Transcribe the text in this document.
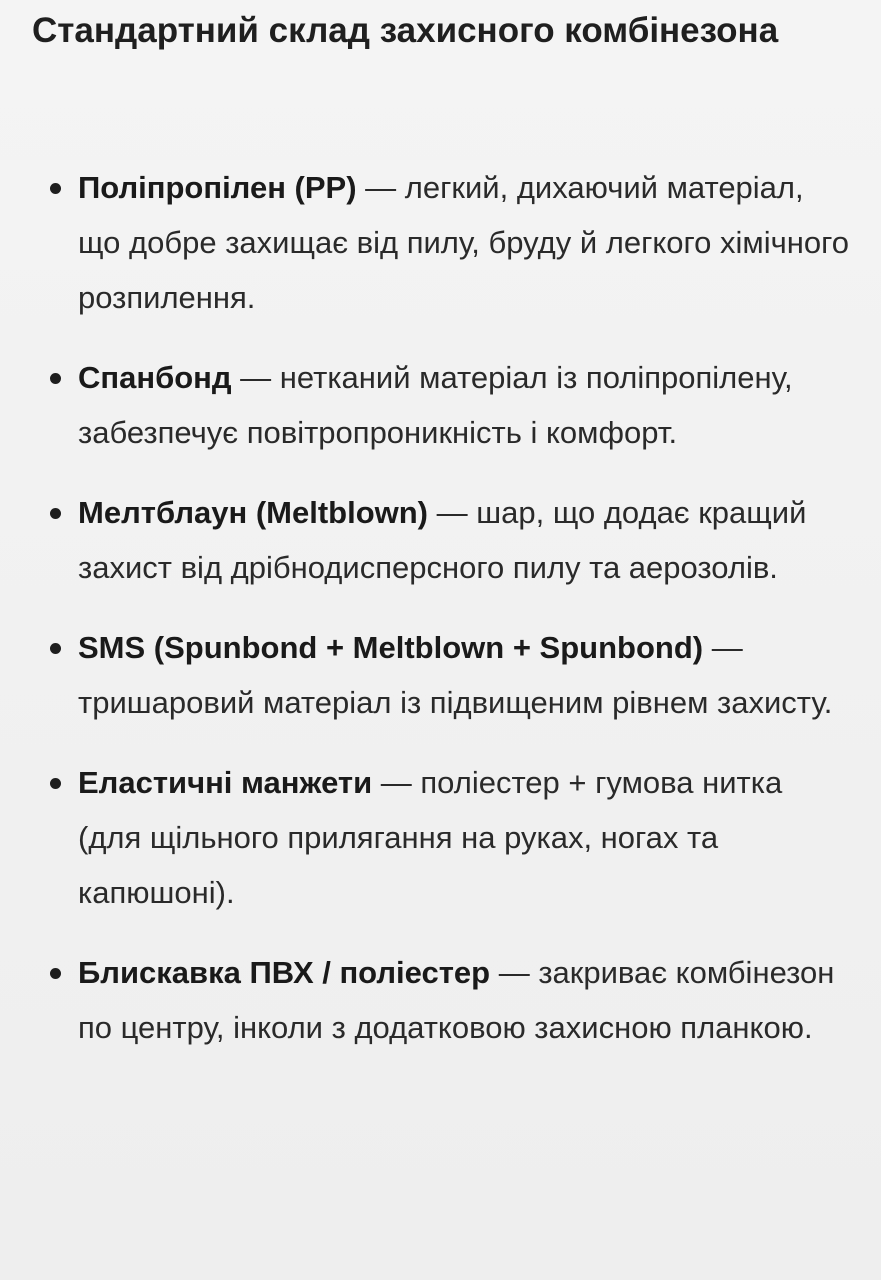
Стандартний склад захисного комбінезона
Поліпропілен (PP) — легкий, дихаючий матеріал, що добре захищає від пилу, бруду й легкого хімічного розпилення.
Спанбонд — нетканий матеріал із поліпропілену, забезпечує повітропроникність і комфорт.
Мелтблаун (Meltblown) — шар, що додає кращий захист від дрібнодисперсного пилу та аерозолів.
SMS (Spunbond + Meltblown + Spunbond) — тришаровий матеріал із підвищеним рівнем захисту.
Еластичні манжети — поліестер + гумова нитка (для щільного прилягання на руках, ногах та капюшоні).
Блискавка ПВХ / поліестер — закриває комбінезон по центру, інколи з додатковою захисною планкою.
